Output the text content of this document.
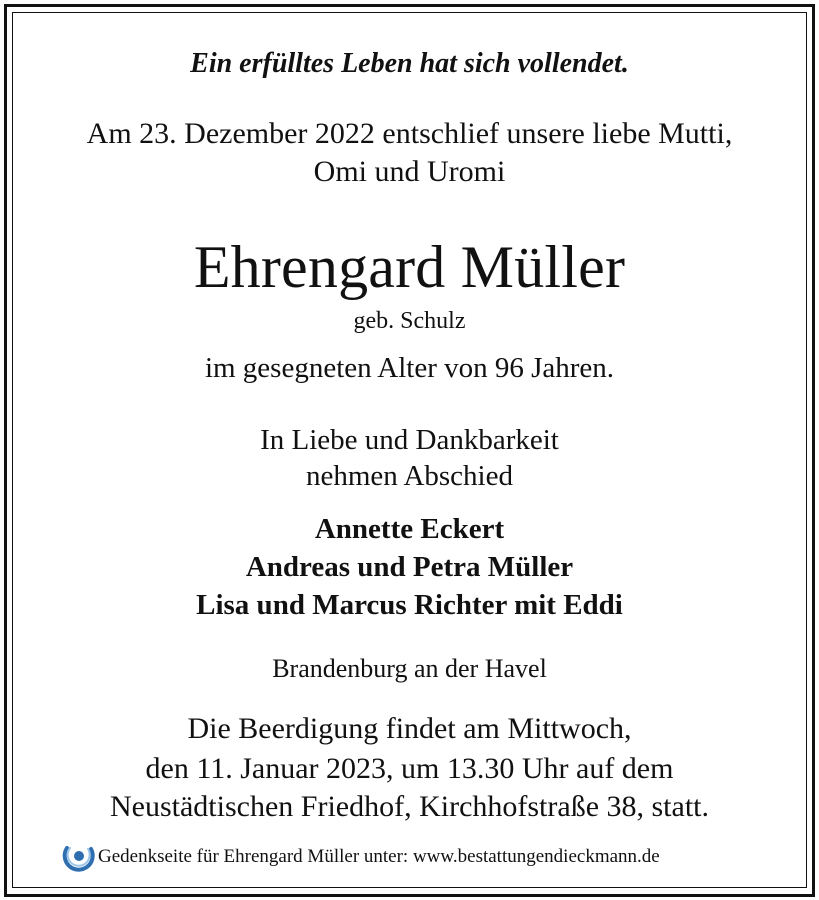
Ein erfülltes Leben hat sich vollendet.
Am 23. Dezember 2022 entschlief unsere liebe Mutti,
Omi und Uromi
Ehrengard Müller
geb. Schulz
im gesegneten Alter von 96 Jahren.
In Liebe und Dankbarkeit
nehmen Abschied
Annette Eckert
Andreas und Petra Müller
Lisa und Marcus Richter mit Eddi
Brandenburg an der Havel
Die Beerdigung findet am Mittwoch,
den 11. Januar 2023, um 13.30 Uhr auf dem
Neustädtischen Friedhof, Kirchhofstraße 38, statt.
Gedenkseite für Ehrengard Müller unter: www.bestattungendieckmann.de
